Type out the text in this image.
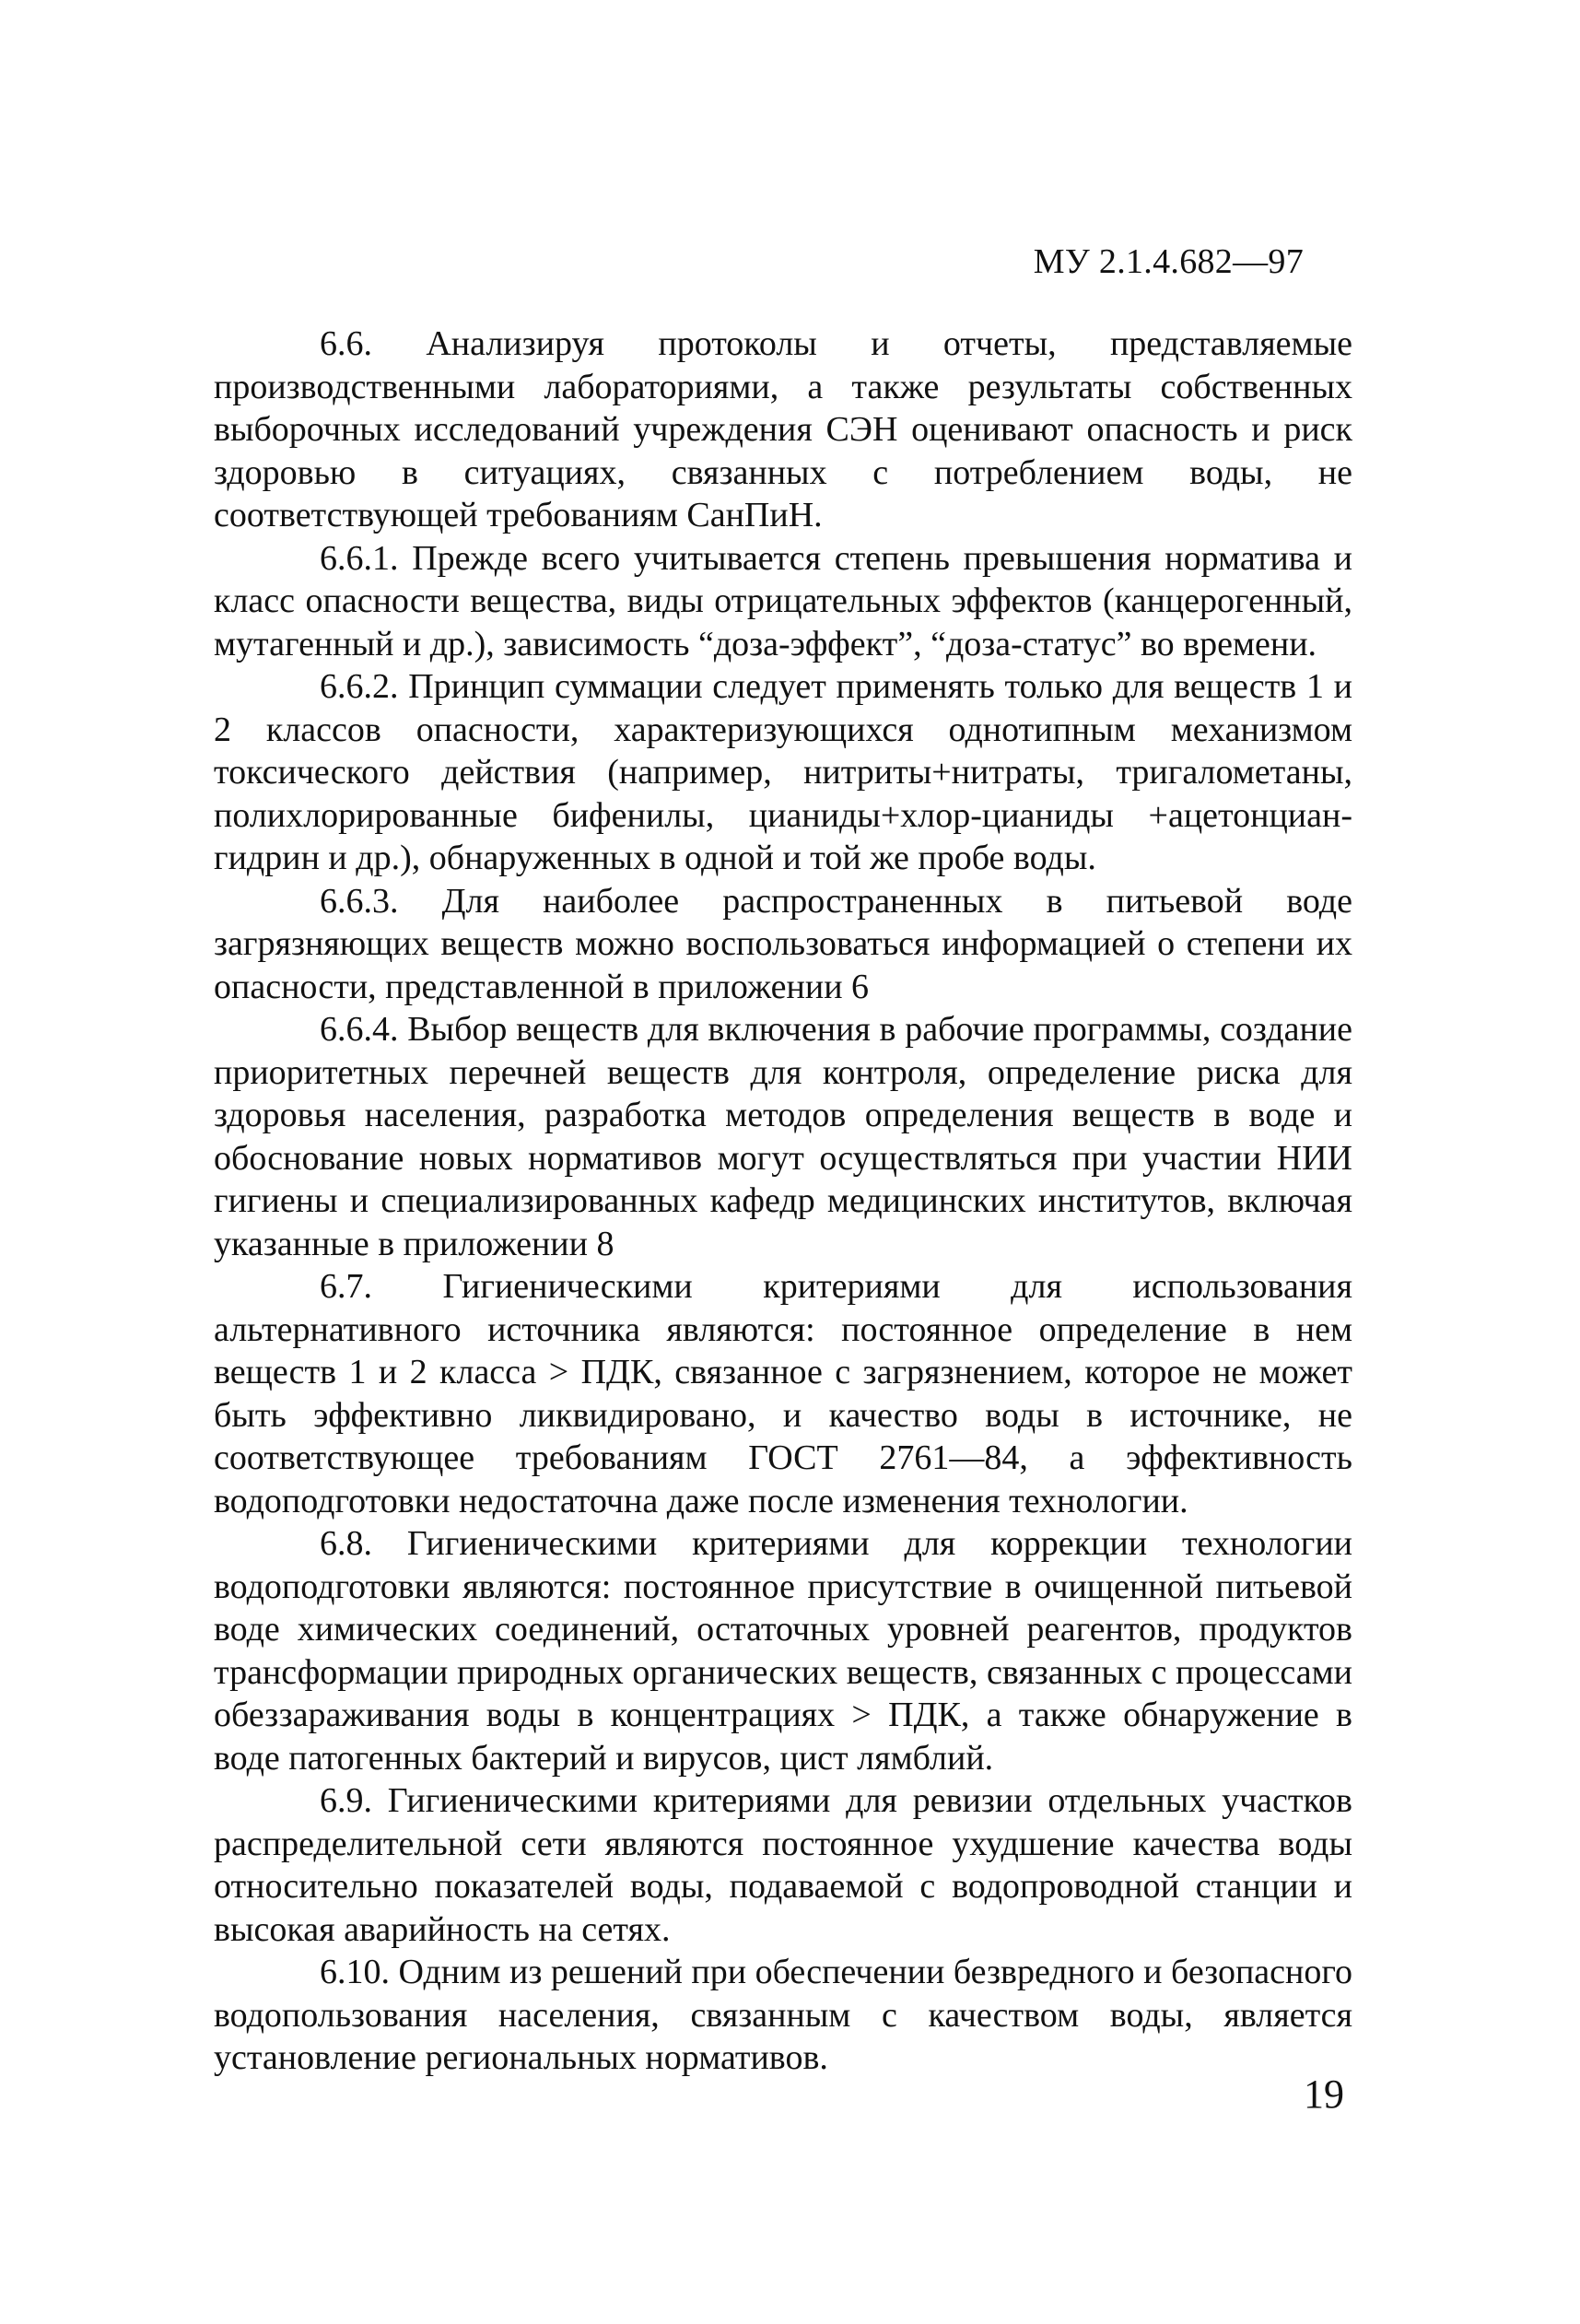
МУ 2.1.4.682—97

6.6. Анализируя протоколы и отчеты, представляемые производственными лабораториями, а также результаты собственных выборочных исследований учреждения СЭН оценивают опасность и риск здоровью в ситуациях, связанных с потреблением воды, не соответствующей требованиям СанПиН.

6.6.1. Прежде всего учитывается степень превышения норматива и класс опасности вещества, виды отрицательных эффектов (канцерогенный, мутагенный и др.), зависимость “доза-эффект”, “доза-статус” во времени.

6.6.2. Принцип суммации следует применять только для веществ 1 и 2 классов опасности, характеризующихся однотипным механизмом токсического действия (например, нитриты+нитраты, тригалометаны, полихлорированные бифенилы, цианиды+хлор-цианиды +ацетонциан-гидрин и др.), обнаруженных в одной и той же пробе воды.

6.6.3. Для наиболее распространенных в питьевой воде загрязняющих веществ можно воспользоваться информацией о степени их опасности, представленной в приложении 6

6.6.4. Выбор веществ для включения в рабочие программы, создание приоритетных перечней веществ для контроля, определение риска для здоровья населения, разработка методов определения веществ в воде и обоснование новых нормативов могут осуществляться при участии НИИ гигиены и специализированных кафедр медицинских институтов, включая указанные в приложении 8

6.7. Гигиеническими критериями для использования альтернативного источника являются: постоянное определение в нем веществ 1 и 2 класса > ПДК, связанное с загрязнением, которое не может быть эффективно ликвидировано, и качество воды в источнике, не соответствующее требованиям ГОСТ 2761—84, а эффективность водоподготовки недостаточна даже после изменения технологии.

6.8. Гигиеническими критериями для коррекции технологии водоподготовки являются: постоянное присутствие в очищенной питьевой воде химических соединений, остаточных уровней реагентов, продуктов трансформации природных органических веществ, связанных с процессами обеззараживания воды в концентрациях > ПДК, а также обнаружение в воде патогенных бактерий и вирусов, цист лямблий.

6.9. Гигиеническими критериями для ревизии отдельных участков распределительной сети являются постоянное ухудшение качества воды относительно показателей воды, подаваемой с водопроводной станции и высокая аварийность на сетях.

6.10. Одним из решений при обеспечении безвредного и безопасного водопользования населения, связанным с качеством воды, является установление региональных нормативов.

19
